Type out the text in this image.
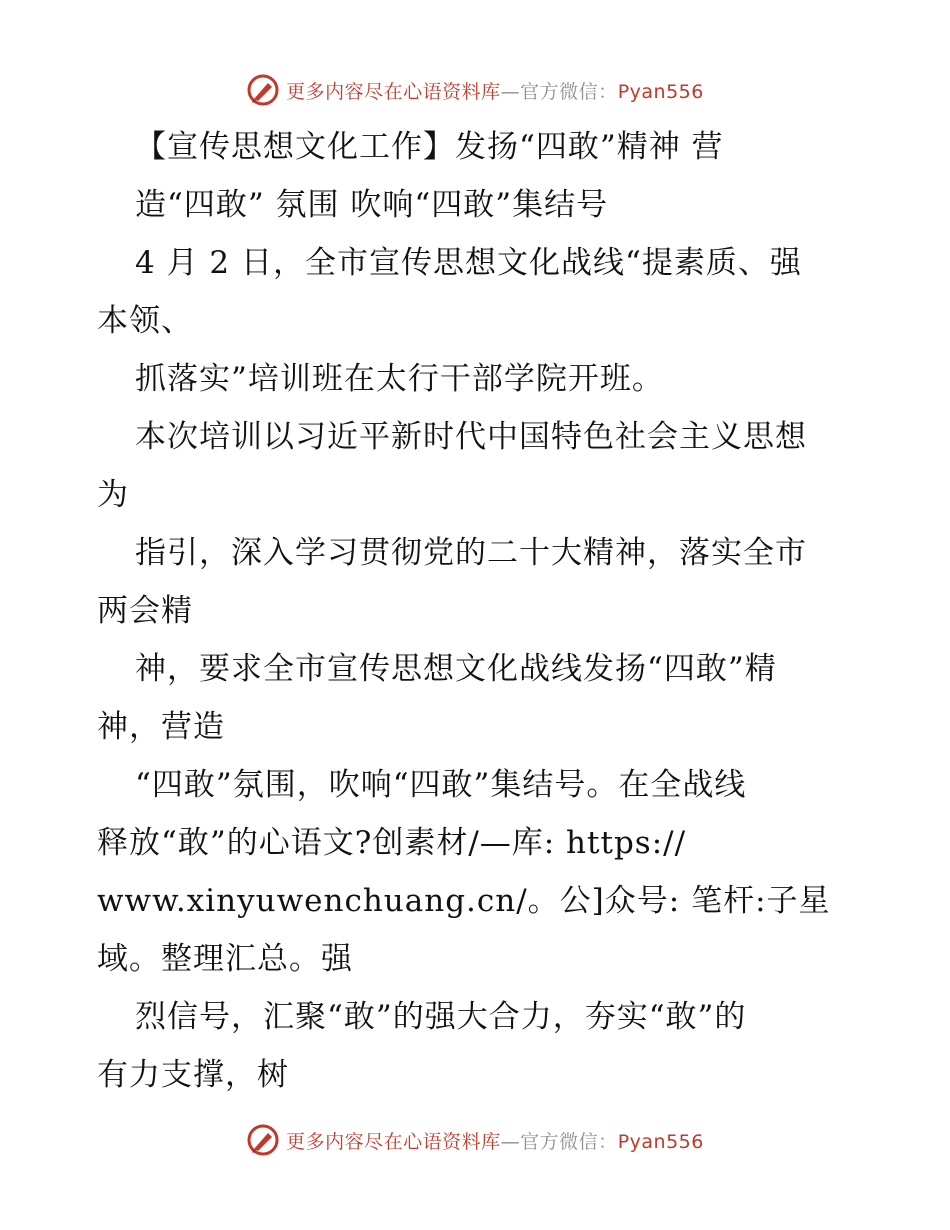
更多内容尽在心语资料库—官方微信：Pyan556
【宣传思想文化工作】发扬“四敢”精神 营
造“四敢” 氛围 吹响“四敢”集结号
4 月 2 日，全市宣传思想文化战线“提素质、强
本领、
抓落实”培训班在太行干部学院开班。
本次培训以习近平新时代中国特色社会主义思想
为
指引，深入学习贯彻党的二十大精神，落实全市
两会精
神，要求全市宣传思想文化战线发扬“四敢”精
神，营造
“四敢”氛围，吹响“四敢”集结号。在全战线
释放“敢”的心语文?创素材/—库: https://
www.xinyuwenchuang.cn/。公]众号: 笔杆:子星
域。整理汇总。强
烈信号，汇聚“敢”的强大合力，夯实“敢”的
有力支撑，树
更多内容尽在心语资料库—官方微信：Pyan556
